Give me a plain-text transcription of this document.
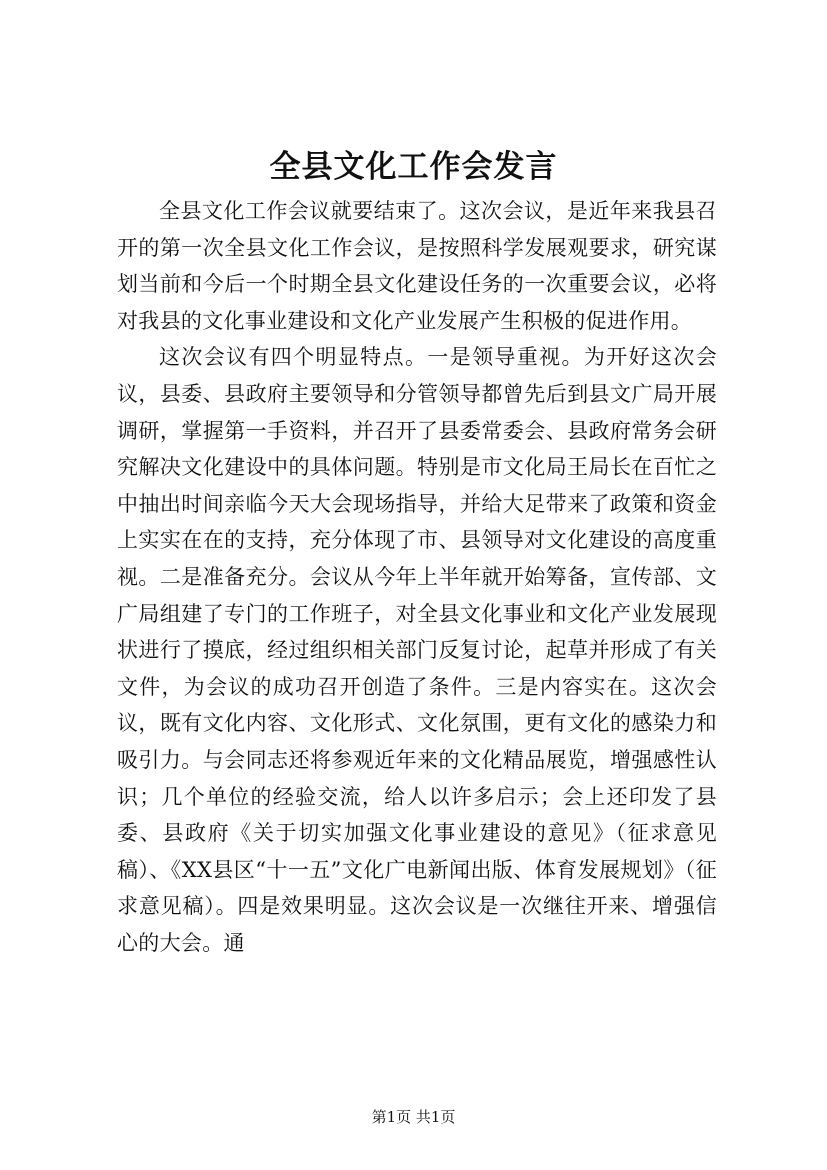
全县文化工作会发言

全县文化工作会议就要结束了。这次会议，是近年来我县召开的第一次全县文化工作会议，是按照科学发展观要求，研究谋划当前和今后一个时期全县文化建设任务的一次重要会议，必将对我县的文化事业建设和文化产业发展产生积极的促进作用。

这次会议有四个明显特点。一是领导重视。为开好这次会议，县委、县政府主要领导和分管领导都曾先后到县文广局开展调研，掌握第一手资料，并召开了县委常委会、县政府常务会研究解决文化建设中的具体问题。特别是市文化局王局长在百忙之中抽出时间亲临今天大会现场指导，并给大足带来了政策和资金上实实在在的支持，充分体现了市、县领导对文化建设的高度重视。二是准备充分。会议从今年上半年就开始筹备，宣传部、文广局组建了专门的工作班子，对全县文化事业和文化产业发展现状进行了摸底，经过组织相关部门反复讨论，起草并形成了有关文件，为会议的成功召开创造了条件。三是内容实在。这次会议，既有文化内容、文化形式、文化氛围，更有文化的感染力和吸引力。与会同志还将参观近年来的文化精品展览，增强感性认识；几个单位的经验交流，给人以许多启示；会上还印发了县委、县政府《关于切实加强文化事业建设的意见》（征求意见稿）、《XX县区“十一五”文化广电新闻出版、体育发展规划》（征求意见稿）。四是效果明显。这次会议是一次继往开来、增强信心的大会。通

第1页 共1页
